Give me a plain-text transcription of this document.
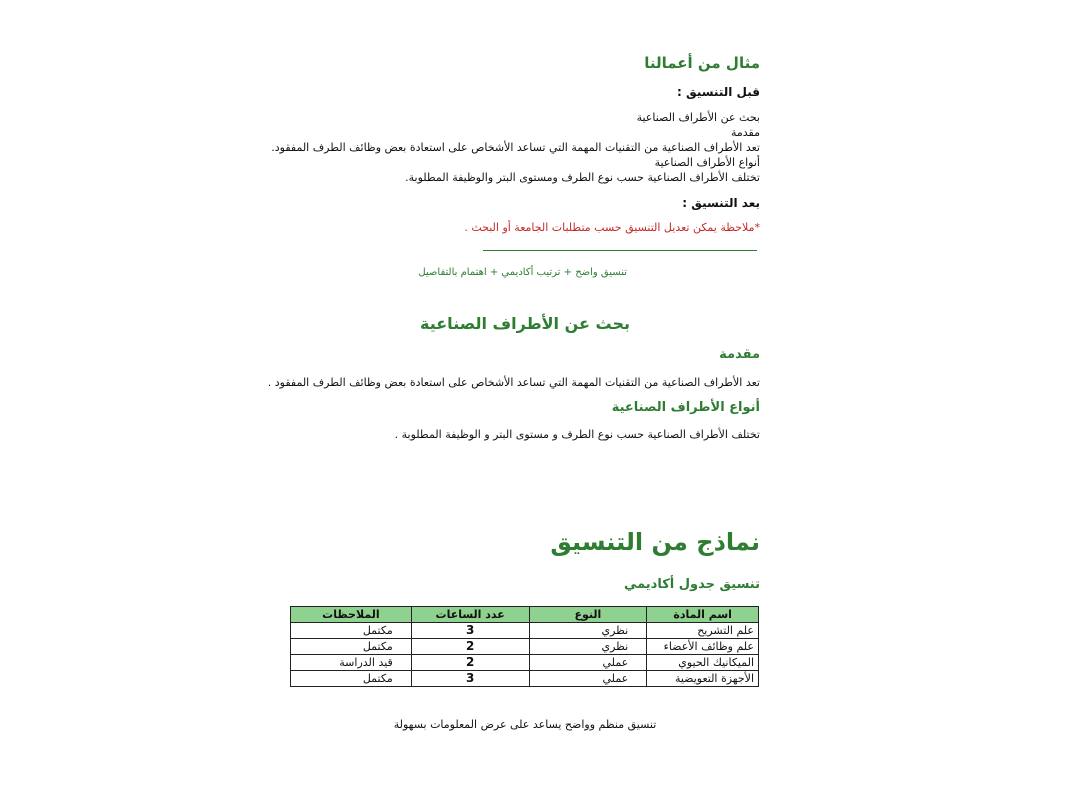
مثال من أعمالنا
قبل التنسيق :
بحث عن الأطراف الصناعية
مقدمة
تعد الأطراف الصناعية من التقنيات المهمة التي تساعد الأشخاص على استعادة بعض وظائف الطرف المفقود.
أنواع الأطراف الصناعية
تختلف الأطراف الصناعية حسب نوع الطرف ومستوى البتر والوظيفة المطلوبة.
بعد التنسيق :
*ملاحظة يمكن تعديل التنسيق حسب متطلبات الجامعة أو البحث .
تنسيق واضح + ترتيب أكاديمي + اهتمام بالتفاصيل
بحث عن الأطراف الصناعية
مقدمة
تعد الأطراف الصناعية من التقنيات المهمة التي تساعد الأشخاص على استعادة بعض وظائف الطرف المفقود .
أنواع الأطراف الصناعية
تختلف الأطراف الصناعية حسب نوع الطرف و مستوى البتر و الوظيفة المطلوبة .
نماذج من التنسيق
تنسيق جدول أكاديمي
اسم المادة	النوع	عدد الساعات	الملاحظات
علم التشريح	نظري	3	مكتمل
علم وظائف الأعضاء	نظري	2	مكتمل
الميكانيك الحيوي	عملي	2	قيد الدراسة
الأجهزة التعويضية	عملي	3	مكتمل
تنسيق منظم وواضح يساعد على عرض المعلومات بسهولة
